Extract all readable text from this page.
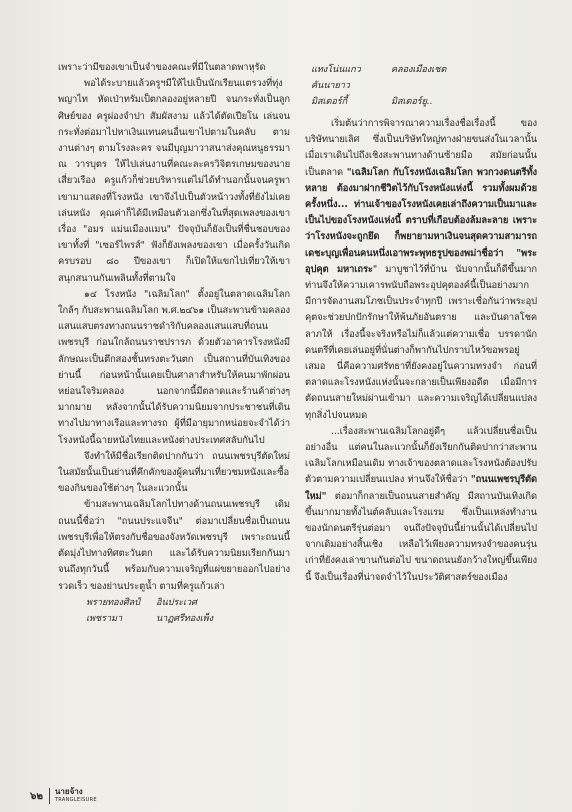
เพราะว่ามีของเขาเป็นจำของคณะที่มีในตลาดพาหุรัด

พอได้ระบายแล้วครูฯมีให้ไปเป็นนักเรียนแตรวงที่ทุ่งพญาไท หัดเป่าทรัมเป็ตกลองอยู่หลายปี จนกระทั่งเป็นลูกศิษย์ของ ครูผ่องจำปา สัมผัสงาม แล้วได้ตัดเปียโน เล่นจนกระทั่งต่อมาไปหาเงินแทนคนอื่นเขาไปตามในคลับ ตามงานต่างๆ ตามโรงละคร จนมีบุญมาวาสนาส่งคุณหนูธรรมา ณ วารบุตร ให้ไปเล่นงานที่คณะละครวิจิตรเกษมของนายเสี่ยวเรือง ครูแก้วก็ช่วยบริหารแต่ไม่ได้ทำนอกนั้นจนครูพาเขามาแสดงที่โรงหนัง เขาจึงไปเป็นตัวหน้าวงทั้งที่ยังไม่เคยเล่นหนัง คุณค่าก็ได้มีเหมือนตัวเอกซึ่งในที่สุดเพลงของเขาเรื่อง "อมร แม่นเมืองแมน" ปัจจุบันก็ยังเป็นที่ชื่นชอบของเขาทั้งที่ "เซอร์ไพรส์" ฟังก็ยังเพลงของเขา เมื่อครั้งวันเกิดครบรอบ ๘๐ ปีของเขา ก็เปิดให้แขกไปเที่ยวให้เขาสนุกสนานกันเพลินทั้งที่ตามใจ

๑๔ โรงหนัง "เฉลิมโลก" ตั้งอยู่ในตลาดเฉลิมโลกใกล้ๆ กับสะพานเฉลิมโลก พ.ศ.๒๔๖๑ เป็นสะพานข้ามคลองแสนแสบตรงทางถนนราชดำริกับคลองแสนแสบที่ถนนเพชรบุรี ก่อนใกล้ถนนราชปรารภ ด้วยตัวอาคารโรงหนังมีลักษณะเป็นตึกสองชั้นทรงตะวันตก เป็นสถานที่บันเทิงของย่านนี้ ก่อนหน้านั้นเคยเป็นศาลาสำหรับให้คนมาพักผ่อนหย่อนใจริมคลอง นอกจากนี้มีตลาดและร้านค้าต่างๆ มากมาย หลังจากนั้นได้รับความนิยมจากประชาชนที่เดินทางไปมาทางเรือและทางรถ ผู้ที่มีอายุมากหน่อยจะจำได้ว่าโรงหนังนี้ฉายหนังไทยและหนังต่างประเทศสลับกันไป

จึงทำให้มีชื่อเรียกติดปากกันว่า ถนนเพชรบุรีตัดใหม่ ในสมัยนั้นเป็นย่านที่คึกคักของผู้คนที่มาเที่ยวชมหนังและซื้อของกินของใช้ต่างๆ ในละแวกนั้น

ข้ามสะพานเฉลิมโลกไปทางด้านถนนเพชรบุรี เดิมถนนนี้ชื่อว่า "ถนนประแจจีน" ต่อมาเปลี่ยนชื่อเป็นถนนเพชรบุรีเพื่อให้ตรงกับชื่อของจังหวัดเพชรบุรี เพราะถนนนี้ตัดมุ่งไปทางทิศตะวันตก และได้รับความนิยมเรียกกันมาจนถึงทุกวันนี้ พร้อมกับความเจริญที่แผ่ขยายออกไปอย่างรวดเร็ว ของย่านประตูน้ำ ตามที่ครูแก้วเล่า

พรายทองศิลป์	อินประเวศ
เพชรามา	นาฏศรีทองเพ็ง
แทงโน่นแกว	คลองเมืองเชต
คันนายาว
มิสเตอร์กี้	มิสเตอร์ยู..

เริ่มต้นว่าการพิจารณาความเรื่องชื่อเรื่องนี้ ของบริษัทนายเลิศ ซึ่งเป็นบริษัทใหญ่ทางฝ่ายขนส่งในเวลานั้น เมื่อเราเดินไปถึงเชิงสะพานทางด้านซ้ายมือ สมัยก่อนนั้นเป็นตลาด "เฉลิมโลก กับโรงหนังเฉลิมโลก พวกวงดนตรีทั้งหลาย ต้องมาฝากชีวิตไว้กับโรงหนังแห่งนี้ รวมทั้งผมด้วย ครั้งหนึ่ง... ท่านเจ้าของโรงหนังเคยเล่าถึงความเป็นมาและเป็นไปของโรงหนังแห่งนี้ ตราบที่เกือบต้องล้มละลาย เพราะว่าโรงหนังจะถูกยึด ก็พยายามหาเงินจนสุดความสามารถ เดชะบุญเพื่อนคนหนึ่งเอาพระพุทธรูปของพม่าชื่อว่า "พระอุปคุต มหาเถระ" มาบูชาไว้ที่บ้าน นับจากนั้นก็ดีขึ้นมาก ท่านจึงให้ความเคารพนับถือพระอุปคุตองค์นี้เป็นอย่างมาก มีการจัดงานสมโภชเป็นประจำทุกปี เพราะเชื่อกันว่าพระอุปคุตจะช่วยปกปักรักษาให้พ้นภัยอันตราย และบันดาลโชคลาภให้ เรื่องนี้จะจริงหรือไม่ก็แล้วแต่ความเชื่อ บรรดานักดนตรีที่เคยเล่นอยู่ที่นั่นต่างก็พากันไปกราบไหว้ขอพรอยู่เสมอ นี่คือความศรัทธาที่ยังคงอยู่ในความทรงจำ ก่อนที่ตลาดและโรงหนังแห่งนั้นจะกลายเป็นเพียงอดีต เมื่อมีการตัดถนนสายใหม่ผ่านเข้ามา และความเจริญได้เปลี่ยนแปลงทุกสิ่งไปจนหมด

...เรื่องสะพานเฉลิมโลกอยู่ดีๆ แล้วเปลี่ยนชื่อเป็นอย่างอื่น แต่คนในละแวกนั้นก็ยังเรียกกันติดปากว่าสะพานเฉลิมโลกเหมือนเดิม ทางเจ้าของตลาดและโรงหนังต้องปรับตัวตามความเปลี่ยนแปลง ท่านจึงให้ชื่อว่า "ถนนเพชรบุรีตัดใหม่" ต่อมาก็กลายเป็นถนนสายสำคัญ มีสถานบันเทิงเกิดขึ้นมากมายทั้งไนต์คลับและโรงแรม ซึ่งเป็นแหล่งทำงานของนักดนตรีรุ่นต่อมา จนถึงปัจจุบันนี้ย่านนั้นได้เปลี่ยนไปจากเดิมอย่างสิ้นเชิง เหลือไว้เพียงความทรงจำของคนรุ่นเก่าที่ยังคงเล่าขานกันต่อไป ขนาดถนนยังกว้างใหญ่ขึ้นเพียงนี้ จึงเป็นเรื่องที่น่าจดจำไว้ในประวัติศาสตร์ของเมือง

๖๒	นายจ้าง
TRANGLEISURE
